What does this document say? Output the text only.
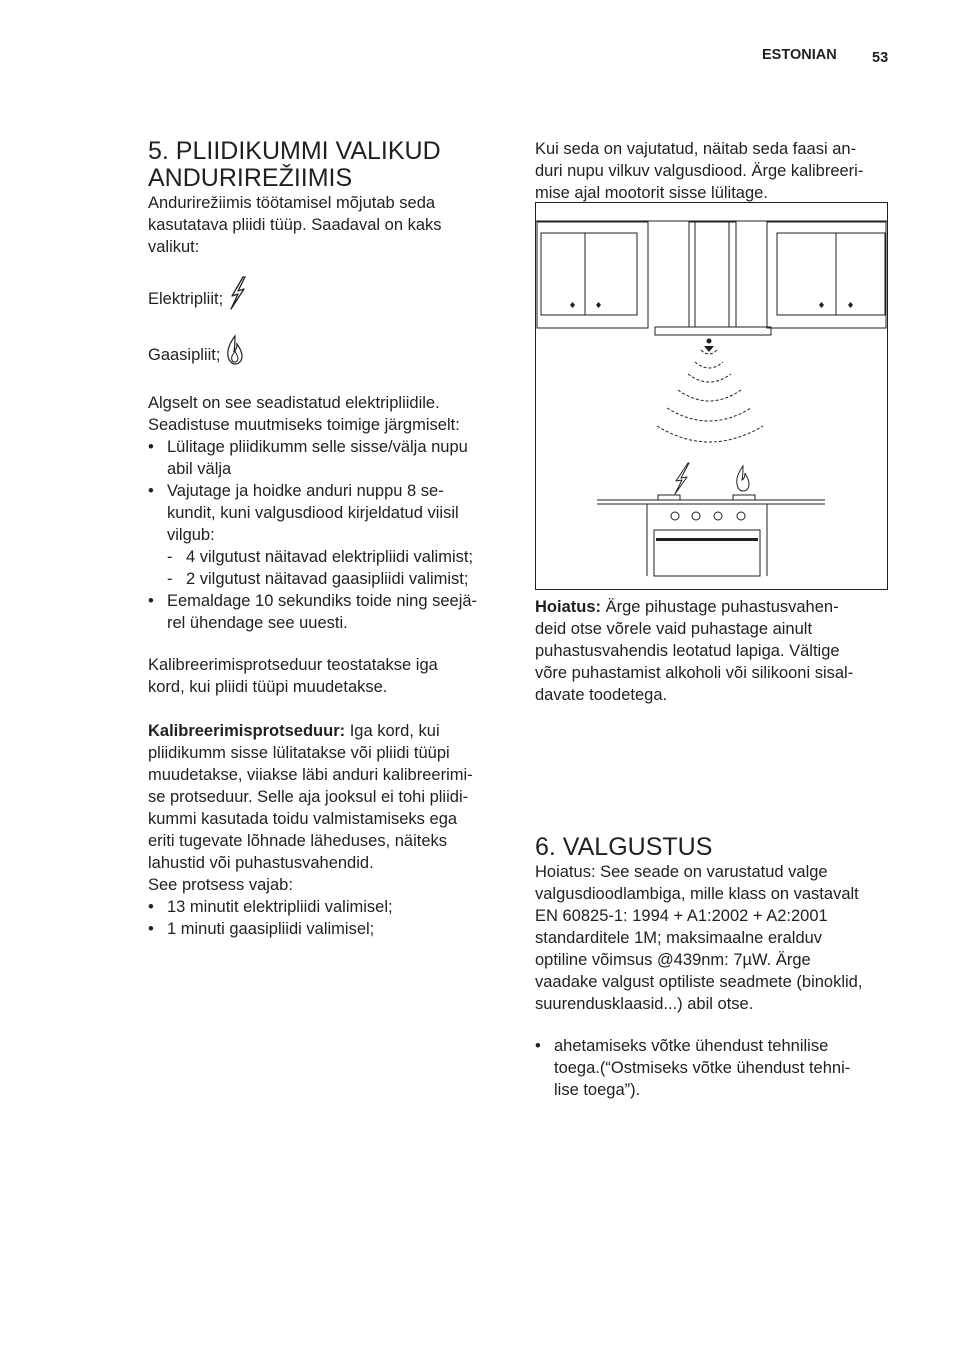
ESTONIAN 53
5. PLIIDIKUMMI VALIKUD
ANDURIREŽIIMIS
Andurirežiimis töötamisel mõjutab seda
kasutatava pliidi tüüp. Saadaval on kaks
valikut:
Elektripliit;
Gaasipliit;
Algselt on see seadistatud elektripliidile.
Seadistuse muutmiseks toimige järgmiselt:
• Lülitage pliidikumm selle sisse/välja nupu
abil välja
• Vajutage ja hoidke anduri nuppu 8 se-
kundit, kuni valgusdiood kirjeldatud viisil
vilgub:
- 4 vilgutust näitavad elektripliidi valimist;
- 2 vilgutust näitavad gaasipliidi valimist;
• Eemaldage 10 sekundiks toide ning seejä-
rel ühendage see uuesti.
Kalibreerimisprotseduur teostatakse iga
kord, kui pliidi tüüpi muudetakse.
Kalibreerimisprotseduur: Iga kord, kui
pliidikumm sisse lülitatakse või pliidi tüüpi
muudetakse, viiakse läbi anduri kalibreerimi-
se protseduur. Selle aja jooksul ei tohi pliidi-
kummi kasutada toidu valmistamiseks ega
eriti tugevate lõhnade läheduses, näiteks
lahustid või puhastusvahendid.
See protsess vajab:
• 13 minutit elektripliidi valimisel;
• 1 minuti gaasipliidi valimisel;
Kui seda on vajutatud, näitab seda faasi an-
duri nupu vilkuv valgusdiood. Ärge kalibreeri-
mise ajal mootorit sisse lülitage.
Hoiatus: Ärge pihustage puhastusvahen-
deid otse võrele vaid puhastage ainult
puhastusvahendis leotatud lapiga. Vältige
võre puhastamist alkoholi või silikooni sisal-
davate toodetega.
6. VALGUSTUS
Hoiatus: See seade on varustatud valge
valgusdioodlambiga, mille klass on vastavalt
EN 60825-1: 1994 + A1:2002 + A2:2001
standarditele 1M; maksimaalne eralduv
optiline võimsus @439nm: 7µW. Ärge
vaadake valgust optiliste seadmete (binoklid,
suurendusklaasid...) abil otse.
• ahetamiseks võtke ühendust tehnilise
toega.(“Ostmiseks võtke ühendust tehni-
lise toega”).
